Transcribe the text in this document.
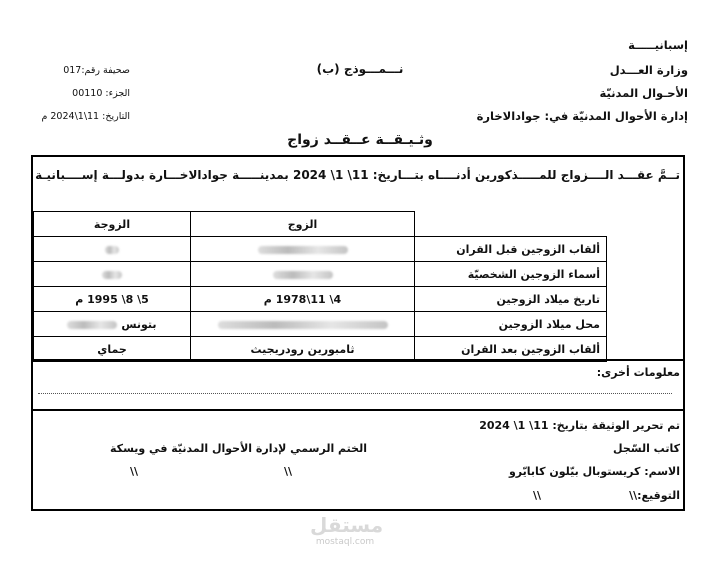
إسبانيـــــة
وزارة العـــدل
الأحـوال المدنيّة
إدارة الأحوال المدنيّة في: جوادالاخارة
نـــمـــوذج (ب)
صحيفة رقم:017
الجزء: 00110
التاريخ: 11\1\2024 م
وثـيـقــة عــقــد زواج
تــمَّ عقـــد الــــزواج للمـــــذكورين أدنــــاه بتـــاريخ: 11\ 1\ 2024 بمدينـــــة جوادالاخـــارة بدولـــة إســــبانيـة
الزوجة	الزوج	
		ألقاب الزوجين قبل القران
		أسماء الزوجين الشخصيّة
5\ 8\ 1995 م	4\ 11\1978 م	تاريخ ميلاد الزوجين
بتونس		محل ميلاد الزوجين
جماي	ثامبورين رودريجيث	ألقاب الزوجين بعد القران
معلومات أخرى:
تم تحرير الوثيقة بتاريخ: 11\ 1\ 2024
كاتب السّجل
الختم الرسمي لإدارة الأحوال المدنيّة في ويسكة
الاسم: كريستوبال بيّلون كابايّرو
\\
\\
التوقيع:\\
\\
مستقل
mostaql.com
